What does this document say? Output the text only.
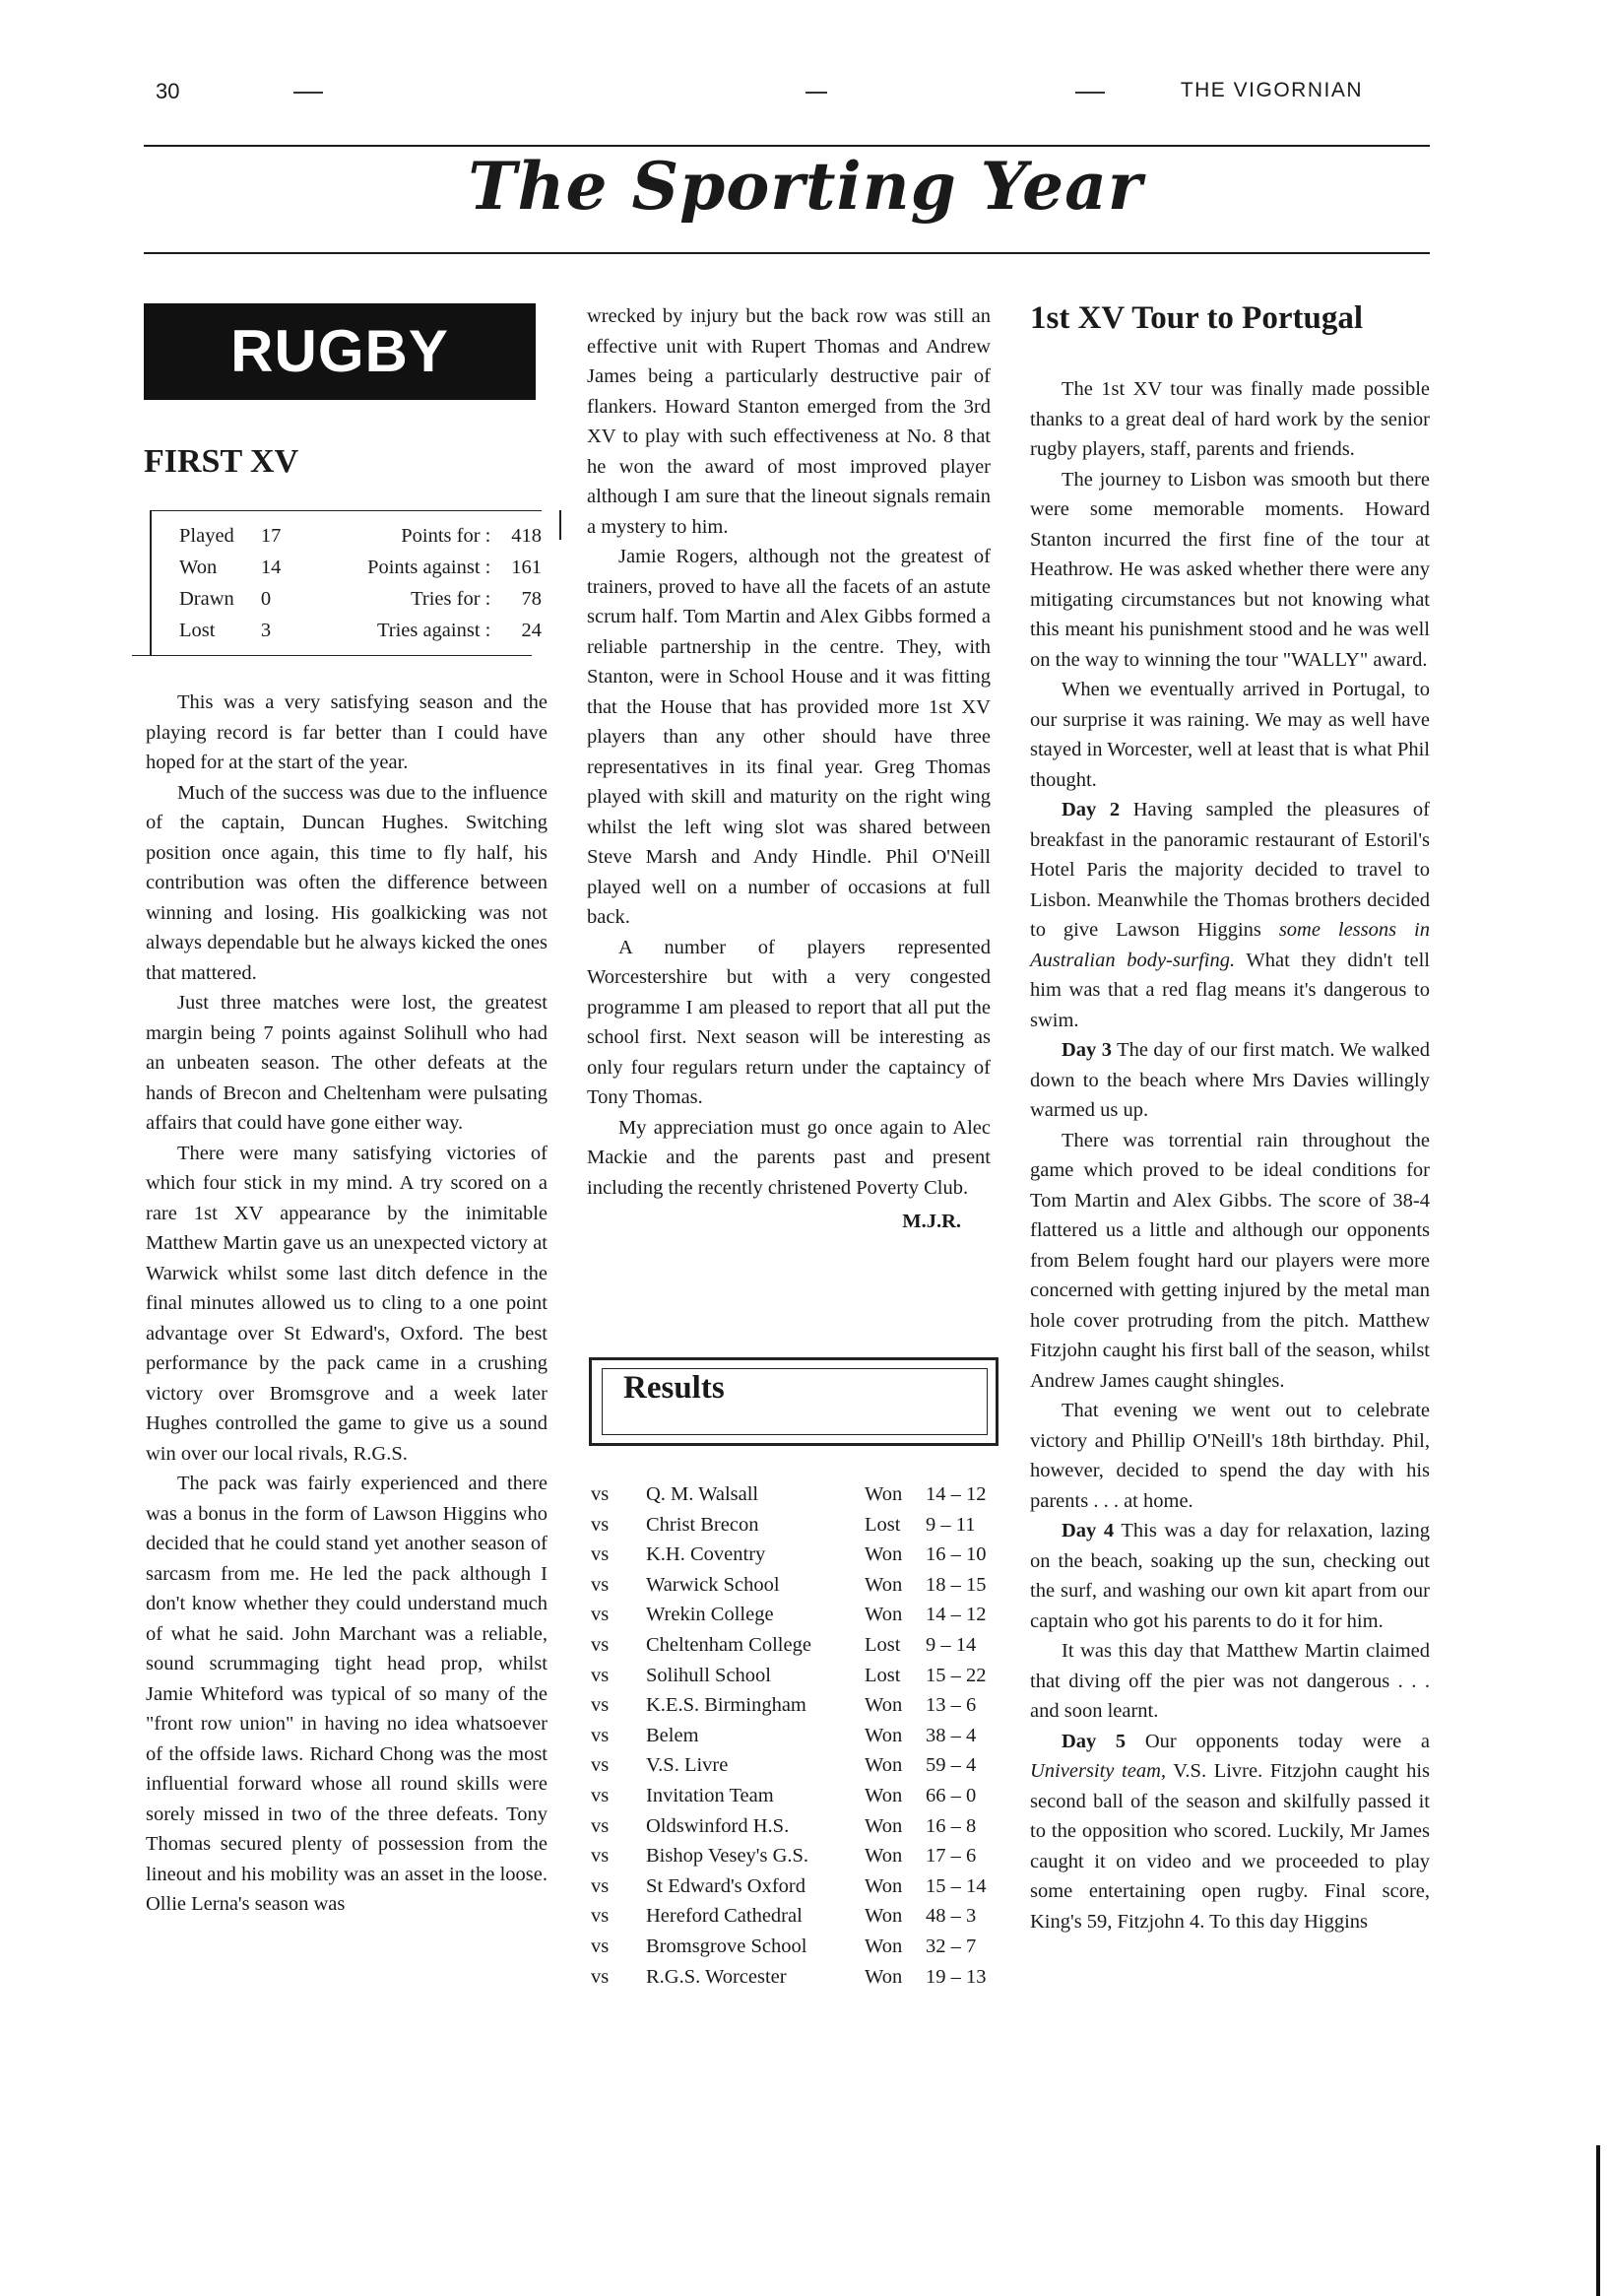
30	THE VIGORNIAN
The Sporting Year
RUGBY
FIRST XV
Played	17	Points for :	418
Won	14	Points against :	161
Drawn	0	Tries for :	78
Lost	3	Tries against :	24

This was a very satisfying season and the playing record is far better than I could have hoped for at the start of the year.

Much of the success was due to the influence of the captain, Duncan Hughes. Switching position once again, this time to fly half, his contribution was often the difference between winning and losing. His goalkicking was not always dependable but he always kicked the ones that mattered.

Just three matches were lost, the greatest margin being 7 points against Solihull who had an unbeaten season. The other defeats at the hands of Brecon and Cheltenham were pulsating affairs that could have gone either way.

There were many satisfying victories of which four stick in my mind. A try scored on a rare 1st XV appearance by the inimitable Matthew Martin gave us an unexpected victory at Warwick whilst some last ditch defence in the final minutes allowed us to cling to a one point advantage over St Edward's, Oxford. The best performance by the pack came in a crushing victory over Bromsgrove and a week later Hughes controlled the game to give us a sound win over our local rivals, R.G.S.

The pack was fairly experienced and there was a bonus in the form of Lawson Higgins who decided that he could stand yet another season of sarcasm from me. He led the pack although I don't know whether they could understand much of what he said. John Marchant was a reliable, sound scrummaging tight head prop, whilst Jamie Whiteford was typical of so many of the "front row union" in having no idea whatsoever of the offside laws. Richard Chong was the most influential forward whose all round skills were sorely missed in two of the three defeats. Tony Thomas secured plenty of possession from the lineout and his mobility was an asset in the loose. Ollie Lerna's season was

wrecked by injury but the back row was still an effective unit with Rupert Thomas and Andrew James being a particularly destructive pair of flankers. Howard Stanton emerged from the 3rd XV to play with such effectiveness at No. 8 that he won the award of most improved player although I am sure that the lineout signals remain a mystery to him.

Jamie Rogers, although not the greatest of trainers, proved to have all the facets of an astute scrum half. Tom Martin and Alex Gibbs formed a reliable partnership in the centre. They, with Stanton, were in School House and it was fitting that the House that has provided more 1st XV players than any other should have three representatives in its final year. Greg Thomas played with skill and maturity on the right wing whilst the left wing slot was shared between Steve Marsh and Andy Hindle. Phil O'Neill played well on a number of occasions at full back.

A number of players represented Worcestershire but with a very congested programme I am pleased to report that all put the school first. Next season will be interesting as only four regulars return under the captaincy of Tony Thomas.

My appreciation must go once again to Alec Mackie and the parents past and present including the recently christened Poverty Club.

M.J.R.
Results
vs Q. M. Walsall	Won 14 – 12
vs Christ Brecon	Lost 9 – 11
vs K.H. Coventry	Won 16 – 10
vs Warwick School	Won 18 – 15
vs Wrekin College	Won 14 – 12
vs Cheltenham College	Lost 9 – 14
vs Solihull School	Lost 15 – 22
vs K.E.S. Birmingham	Won 13 – 6
vs Belem	Won 38 – 4
vs V.S. Livre	Won 59 – 4
vs Invitation Team	Won 66 – 0
vs Oldswinford H.S.	Won 16 – 8
vs Bishop Vesey's G.S.	Won 17 – 6
vs St Edward's Oxford	Won 15 – 14
vs Hereford Cathedral	Won 48 – 3
vs Bromsgrove School	Won 32 – 7
vs R.G.S. Worcester	Won 19 – 13
1st XV Tour to Portugal

The 1st XV tour was finally made possible thanks to a great deal of hard work by the senior rugby players, staff, parents and friends.

The journey to Lisbon was smooth but there were some memorable moments. Howard Stanton incurred the first fine of the tour at Heathrow. He was asked whether there were any mitigating circumstances but not knowing what this meant his punishment stood and he was well on the way to winning the tour "WALLY" award.

When we eventually arrived in Portugal, to our surprise it was raining. We may as well have stayed in Worcester, well at least that is what Phil thought.

Day 2 Having sampled the pleasures of breakfast in the panoramic restaurant of Estoril's Hotel Paris the majority decided to travel to Lisbon. Meanwhile the Thomas brothers decided to give Lawson Higgins some lessons in Australian body-surfing. What they didn't tell him was that a red flag means it's dangerous to swim.

Day 3 The day of our first match. We walked down to the beach where Mrs Davies willingly warmed us up.

There was torrential rain throughout the game which proved to be ideal conditions for Tom Martin and Alex Gibbs. The score of 38-4 flattered us a little and although our opponents from Belem fought hard our players were more concerned with getting injured by the metal man hole cover protruding from the pitch. Matthew Fitzjohn caught his first ball of the season, whilst Andrew James caught shingles.

That evening we went out to celebrate victory and Phillip O'Neill's 18th birthday. Phil, however, decided to spend the day with his parents . . . at home.

Day 4 This was a day for relaxation, lazing on the beach, soaking up the sun, checking out the surf, and washing our own kit apart from our captain who got his parents to do it for him.

It was this day that Matthew Martin claimed that diving off the pier was not dangerous . . . and soon learnt.

Day 5 Our opponents today were a University team, V.S. Livre. Fitzjohn caught his second ball of the season and skilfully passed it to the opposition who scored. Luckily, Mr James caught it on video and we proceeded to play some entertaining open rugby. Final score, King's 59, Fitzjohn 4. To this day Higgins
